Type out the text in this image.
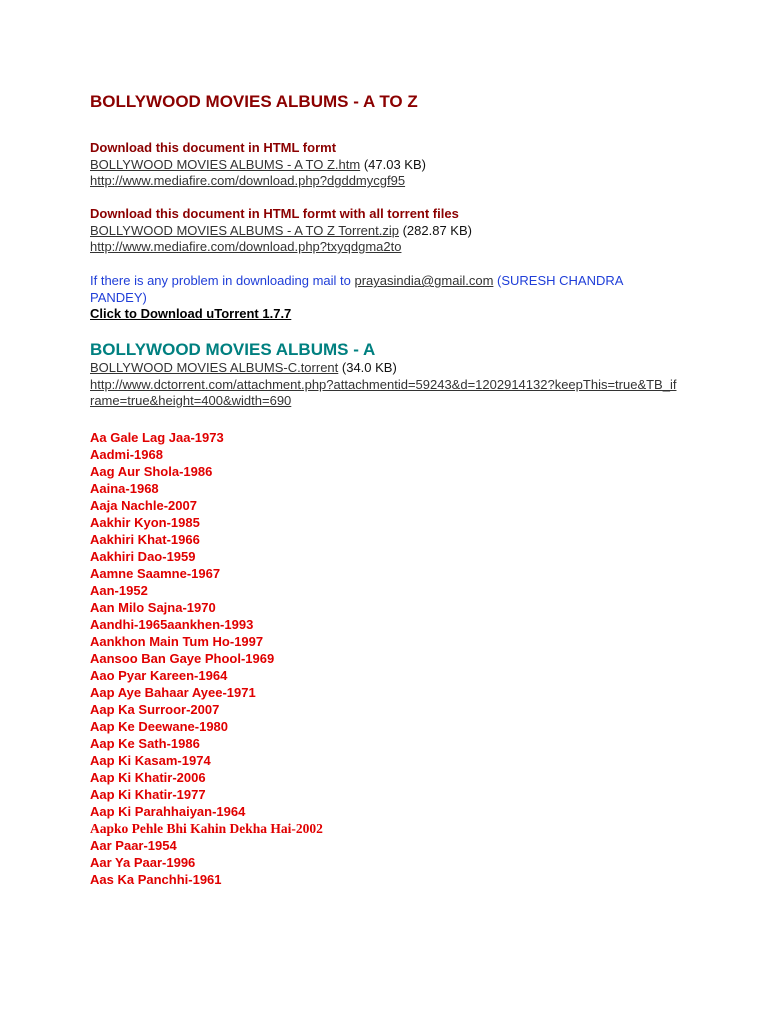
BOLLYWOOD MOVIES ALBUMS - A TO Z
Download this document in HTML formt
BOLLYWOOD MOVIES ALBUMS - A TO Z.htm (47.03 KB)
http://www.mediafire.com/download.php?dgddmycgf95
Download this document in HTML formt with all torrent files
BOLLYWOOD MOVIES ALBUMS - A TO Z Torrent.zip (282.87 KB)
http://www.mediafire.com/download.php?txyqdgma2to
If there is any problem in downloading mail to prayasindia@gmail.com (SURESH CHANDRA PANDEY)
Click to Download uTorrent 1.7.7
BOLLYWOOD MOVIES ALBUMS - A
BOLLYWOOD MOVIES ALBUMS-C.torrent (34.0 KB)
http://www.dctorrent.com/attachment.php?attachmentid=59243&d=1202914132?keepThis=true&TB_iframe=true&height=400&width=690
Aa Gale Lag Jaa-1973
Aadmi-1968
Aag Aur Shola-1986
Aaina-1968
Aaja Nachle-2007
Aakhir Kyon-1985
Aakhiri Khat-1966
Aakhiri Dao-1959
Aamne Saamne-1967
Aan-1952
Aan Milo Sajna-1970
Aandhi-1965aankhen-1993
Aankhon Main Tum Ho-1997
Aansoo Ban Gaye Phool-1969
Aao Pyar Kareen-1964
Aap Aye Bahaar Ayee-1971
Aap Ka Surroor-2007
Aap Ke Deewane-1980
Aap Ke Sath-1986
Aap Ki Kasam-1974
Aap Ki Khatir-2006
Aap Ki Khatir-1977
Aap Ki Parahhaiyan-1964
Aapko Pehle Bhi Kahin Dekha Hai-2002
Aar Paar-1954
Aar Ya Paar-1996
Aas Ka Panchhi-1961
